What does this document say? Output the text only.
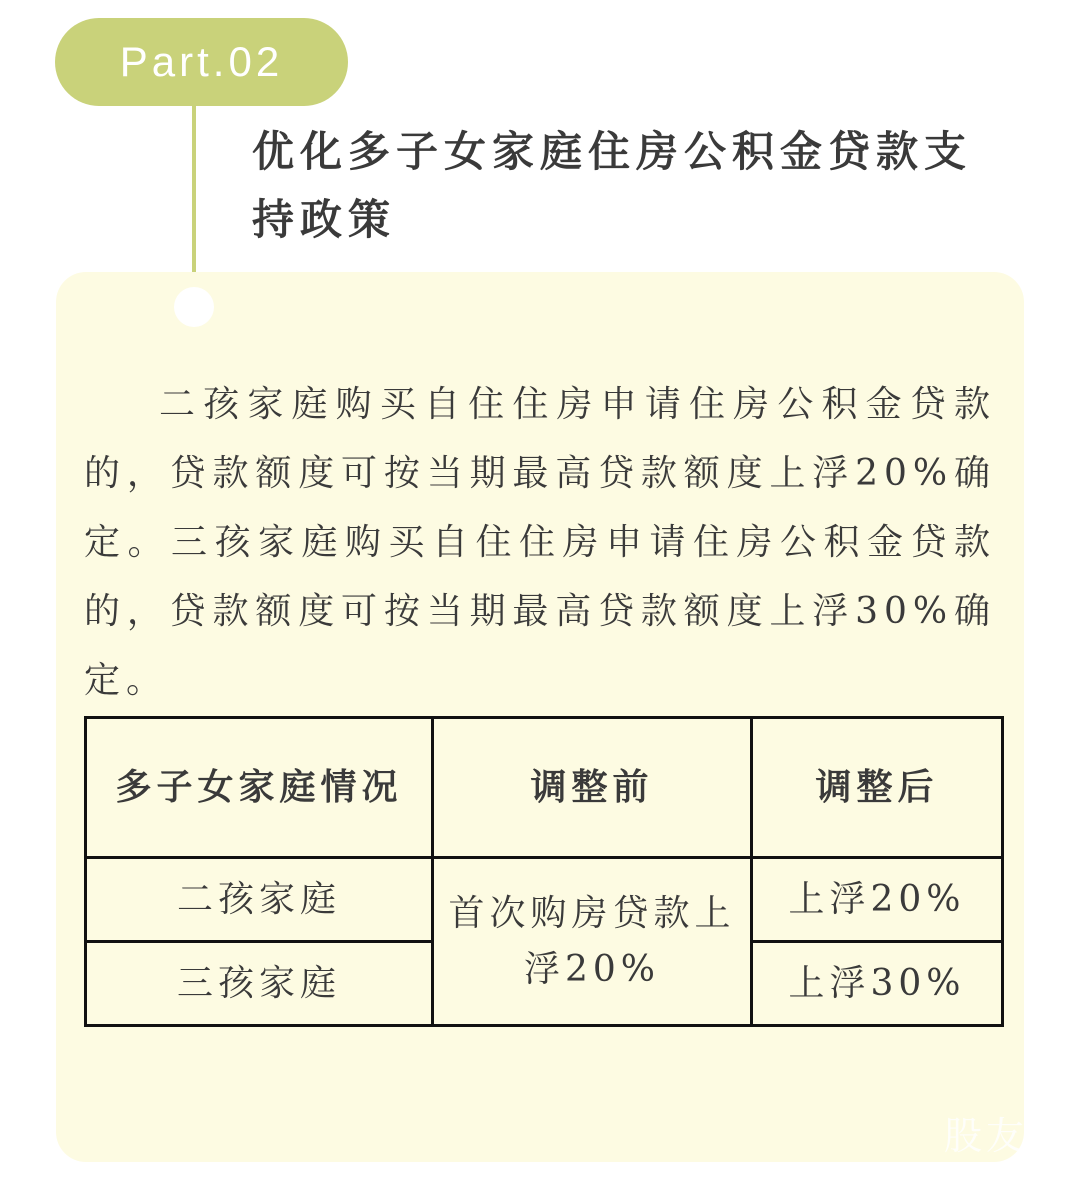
Part.02
优化多子女家庭住房公积金贷款支持政策

二孩家庭购买自住住房申请住房公积金贷款的，贷款额度可按当期最高贷款额度上浮20%确定。三孩家庭购买自住住房申请住房公积金贷款的，贷款额度可按当期最高贷款额度上浮30%确定。

多子女家庭情况	调整前	调整后
二孩家庭	首次购房贷款上浮20%	上浮20%
三孩家庭		上浮30%
股友
